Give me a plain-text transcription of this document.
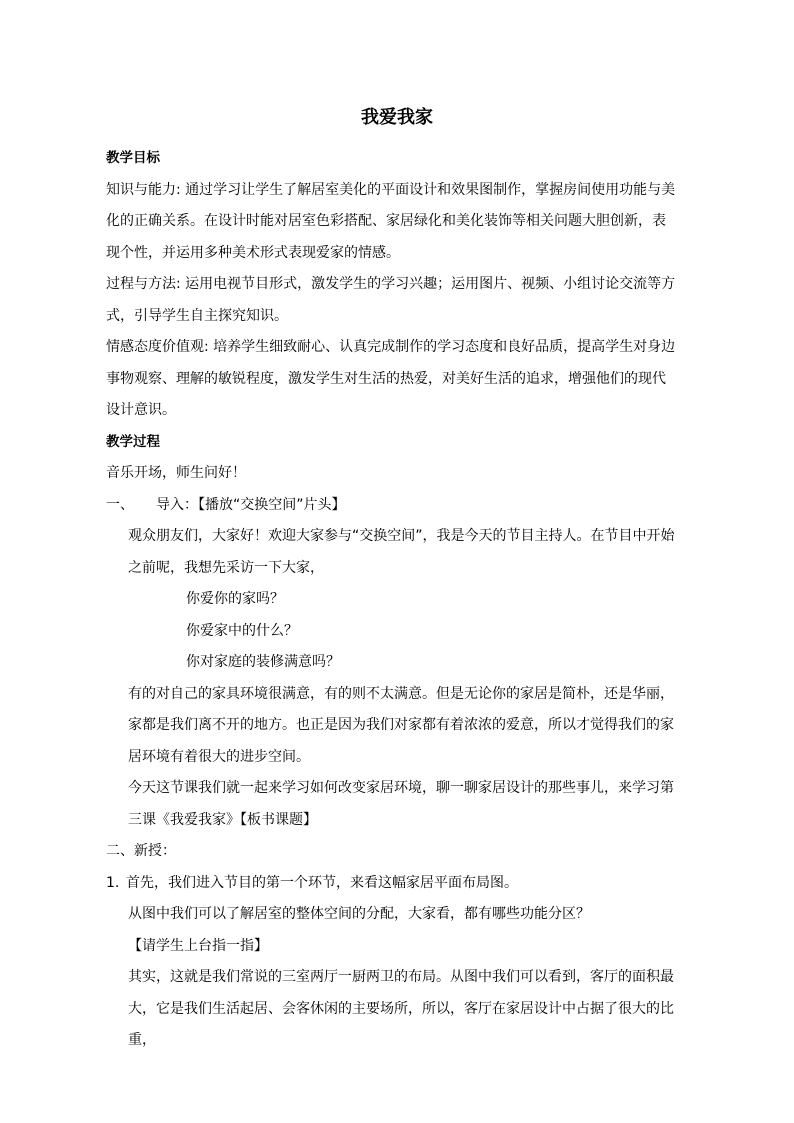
我爱我家

教学目标

知识与能力: 通过学习让学生了解居室美化的平面设计和效果图制作，掌握房间使用功能与美化的正确关系。在设计时能对居室色彩搭配、家居绿化和美化装饰等相关问题大胆创新，表现个性，并运用多种美术形式表现爱家的情感。

过程与方法: 运用电视节目形式，激发学生的学习兴趣；运用图片、视频、小组讨论交流等方式，引导学生自主探究知识。

情感态度价值观: 培养学生细致耐心、认真完成制作的学习态度和良好品质，提高学生对身边事物观察、理解的敏锐程度，激发学生对生活的热爱，对美好生活的追求，增强他们的现代设计意识。

教学过程

音乐开场，师生问好！

一、 导入：【播放“交换空间”片头】

观众朋友们，大家好！欢迎大家参与“交换空间”，我是今天的节目主持人。在节目中开始之前呢，我想先采访一下大家，

你爱你的家吗？

你爱家中的什么？

你对家庭的装修满意吗？

有的对自己的家具环境很满意，有的则不太满意。但是无论你的家居是简朴，还是华丽，家都是我们离不开的地方。也正是因为我们对家都有着浓浓的爱意，所以才觉得我们的家居环境有着很大的进步空间。

今天这节课我们就一起来学习如何改变家居环境，聊一聊家居设计的那些事儿，来学习第三课《我爱我家》【板书课题】

二、新授：

1. 首先，我们进入节目的第一个环节，来看这幅家居平面布局图。

从图中我们可以了解居室的整体空间的分配，大家看，都有哪些功能分区？

【请学生上台指一指】

其实，这就是我们常说的三室两厅一厨两卫的布局。从图中我们可以看到，客厅的面积最大，它是我们生活起居、会客休闲的主要场所，所以，客厅在家居设计中占据了很大的比重，
